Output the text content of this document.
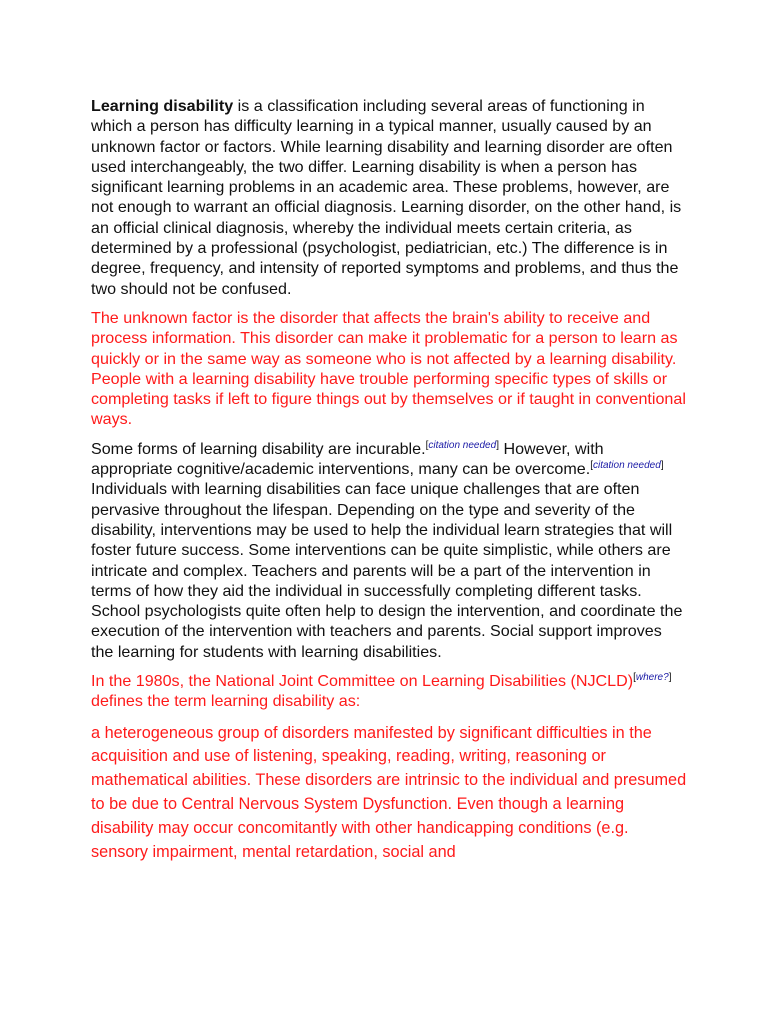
Learning disability is a classification including several areas of functioning in which a person has difficulty learning in a typical manner, usually caused by an unknown factor or factors. While learning disability and learning disorder are often used interchangeably, the two differ. Learning disability is when a person has significant learning problems in an academic area. These problems, however, are not enough to warrant an official diagnosis. Learning disorder, on the other hand, is an official clinical diagnosis, whereby the individual meets certain criteria, as determined by a professional (psychologist, pediatrician, etc.) The difference is in degree, frequency, and intensity of reported symptoms and problems, and thus the two should not be confused.

The unknown factor is the disorder that affects the brain's ability to receive and process information. This disorder can make it problematic for a person to learn as quickly or in the same way as someone who is not affected by a learning disability. People with a learning disability have trouble performing specific types of skills or completing tasks if left to figure things out by themselves or if taught in conventional ways.

Some forms of learning disability are incurable.[citation needed] However, with appropriate cognitive/academic interventions, many can be overcome.[citation needed] Individuals with learning disabilities can face unique challenges that are often pervasive throughout the lifespan. Depending on the type and severity of the disability, interventions may be used to help the individual learn strategies that will foster future success. Some interventions can be quite simplistic, while others are intricate and complex. Teachers and parents will be a part of the intervention in terms of how they aid the individual in successfully completing different tasks. School psychologists quite often help to design the intervention, and coordinate the execution of the intervention with teachers and parents. Social support improves the learning for students with learning disabilities.

In the 1980s, the National Joint Committee on Learning Disabilities (NJCLD)[where?] defines the term learning disability as:

a heterogeneous group of disorders manifested by significant difficulties in the acquisition and use of listening, speaking, reading, writing, reasoning or mathematical abilities. These disorders are intrinsic to the individual and presumed to be due to Central Nervous System Dysfunction. Even though a learning disability may occur concomitantly with other handicapping conditions (e.g. sensory impairment, mental retardation, social and
